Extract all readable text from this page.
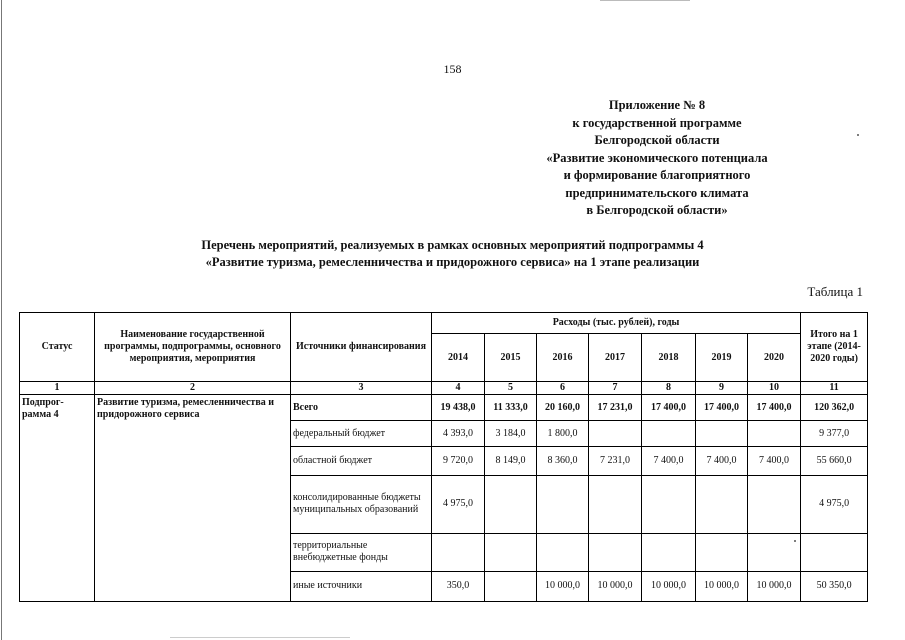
158
Приложение № 8
к государственной программе
Белгородской области
«Развитие экономического потенциала
и формирование благоприятного
предпринимательского климата
в Белгородской области»
Перечень мероприятий, реализуемых в рамках основных мероприятий подпрограммы 4
«Развитие туризма, ремесленничества и придорожного сервиса» на 1 этапе реализации
Таблица 1
Статус	Наименование государственной программы, подпрограммы, основного мероприятия, мероприятия	Источники финансирования	Расходы (тыс. рублей), годы							Итого на 1 этапе (2014-2020 годы)
			2014	2015	2016	2017	2018	2019	2020	
1	2	3	4	5	6	7	8	9	10	11
Подпрог-рамма 4	Развитие туризма, ремесленничества и придорожного сервиса	Всего	19 438,0	11 333,0	20 160,0	17 231,0	17 400,0	17 400,0	17 400,0	120 362,0
		федеральный бюджет	4 393,0	3 184,0	1 800,0					9 377,0
		областной бюджет	9 720,0	8 149,0	8 360,0	7 231,0	7 400,0	7 400,0	7 400,0	55 660,0
		консолидированные бюджеты муниципальных образований	4 975,0							4 975,0
		территориальные внебюджетные фонды								
		иные источники	350,0		10 000,0	10 000,0	10 000,0	10 000,0	10 000,0	50 350,0
